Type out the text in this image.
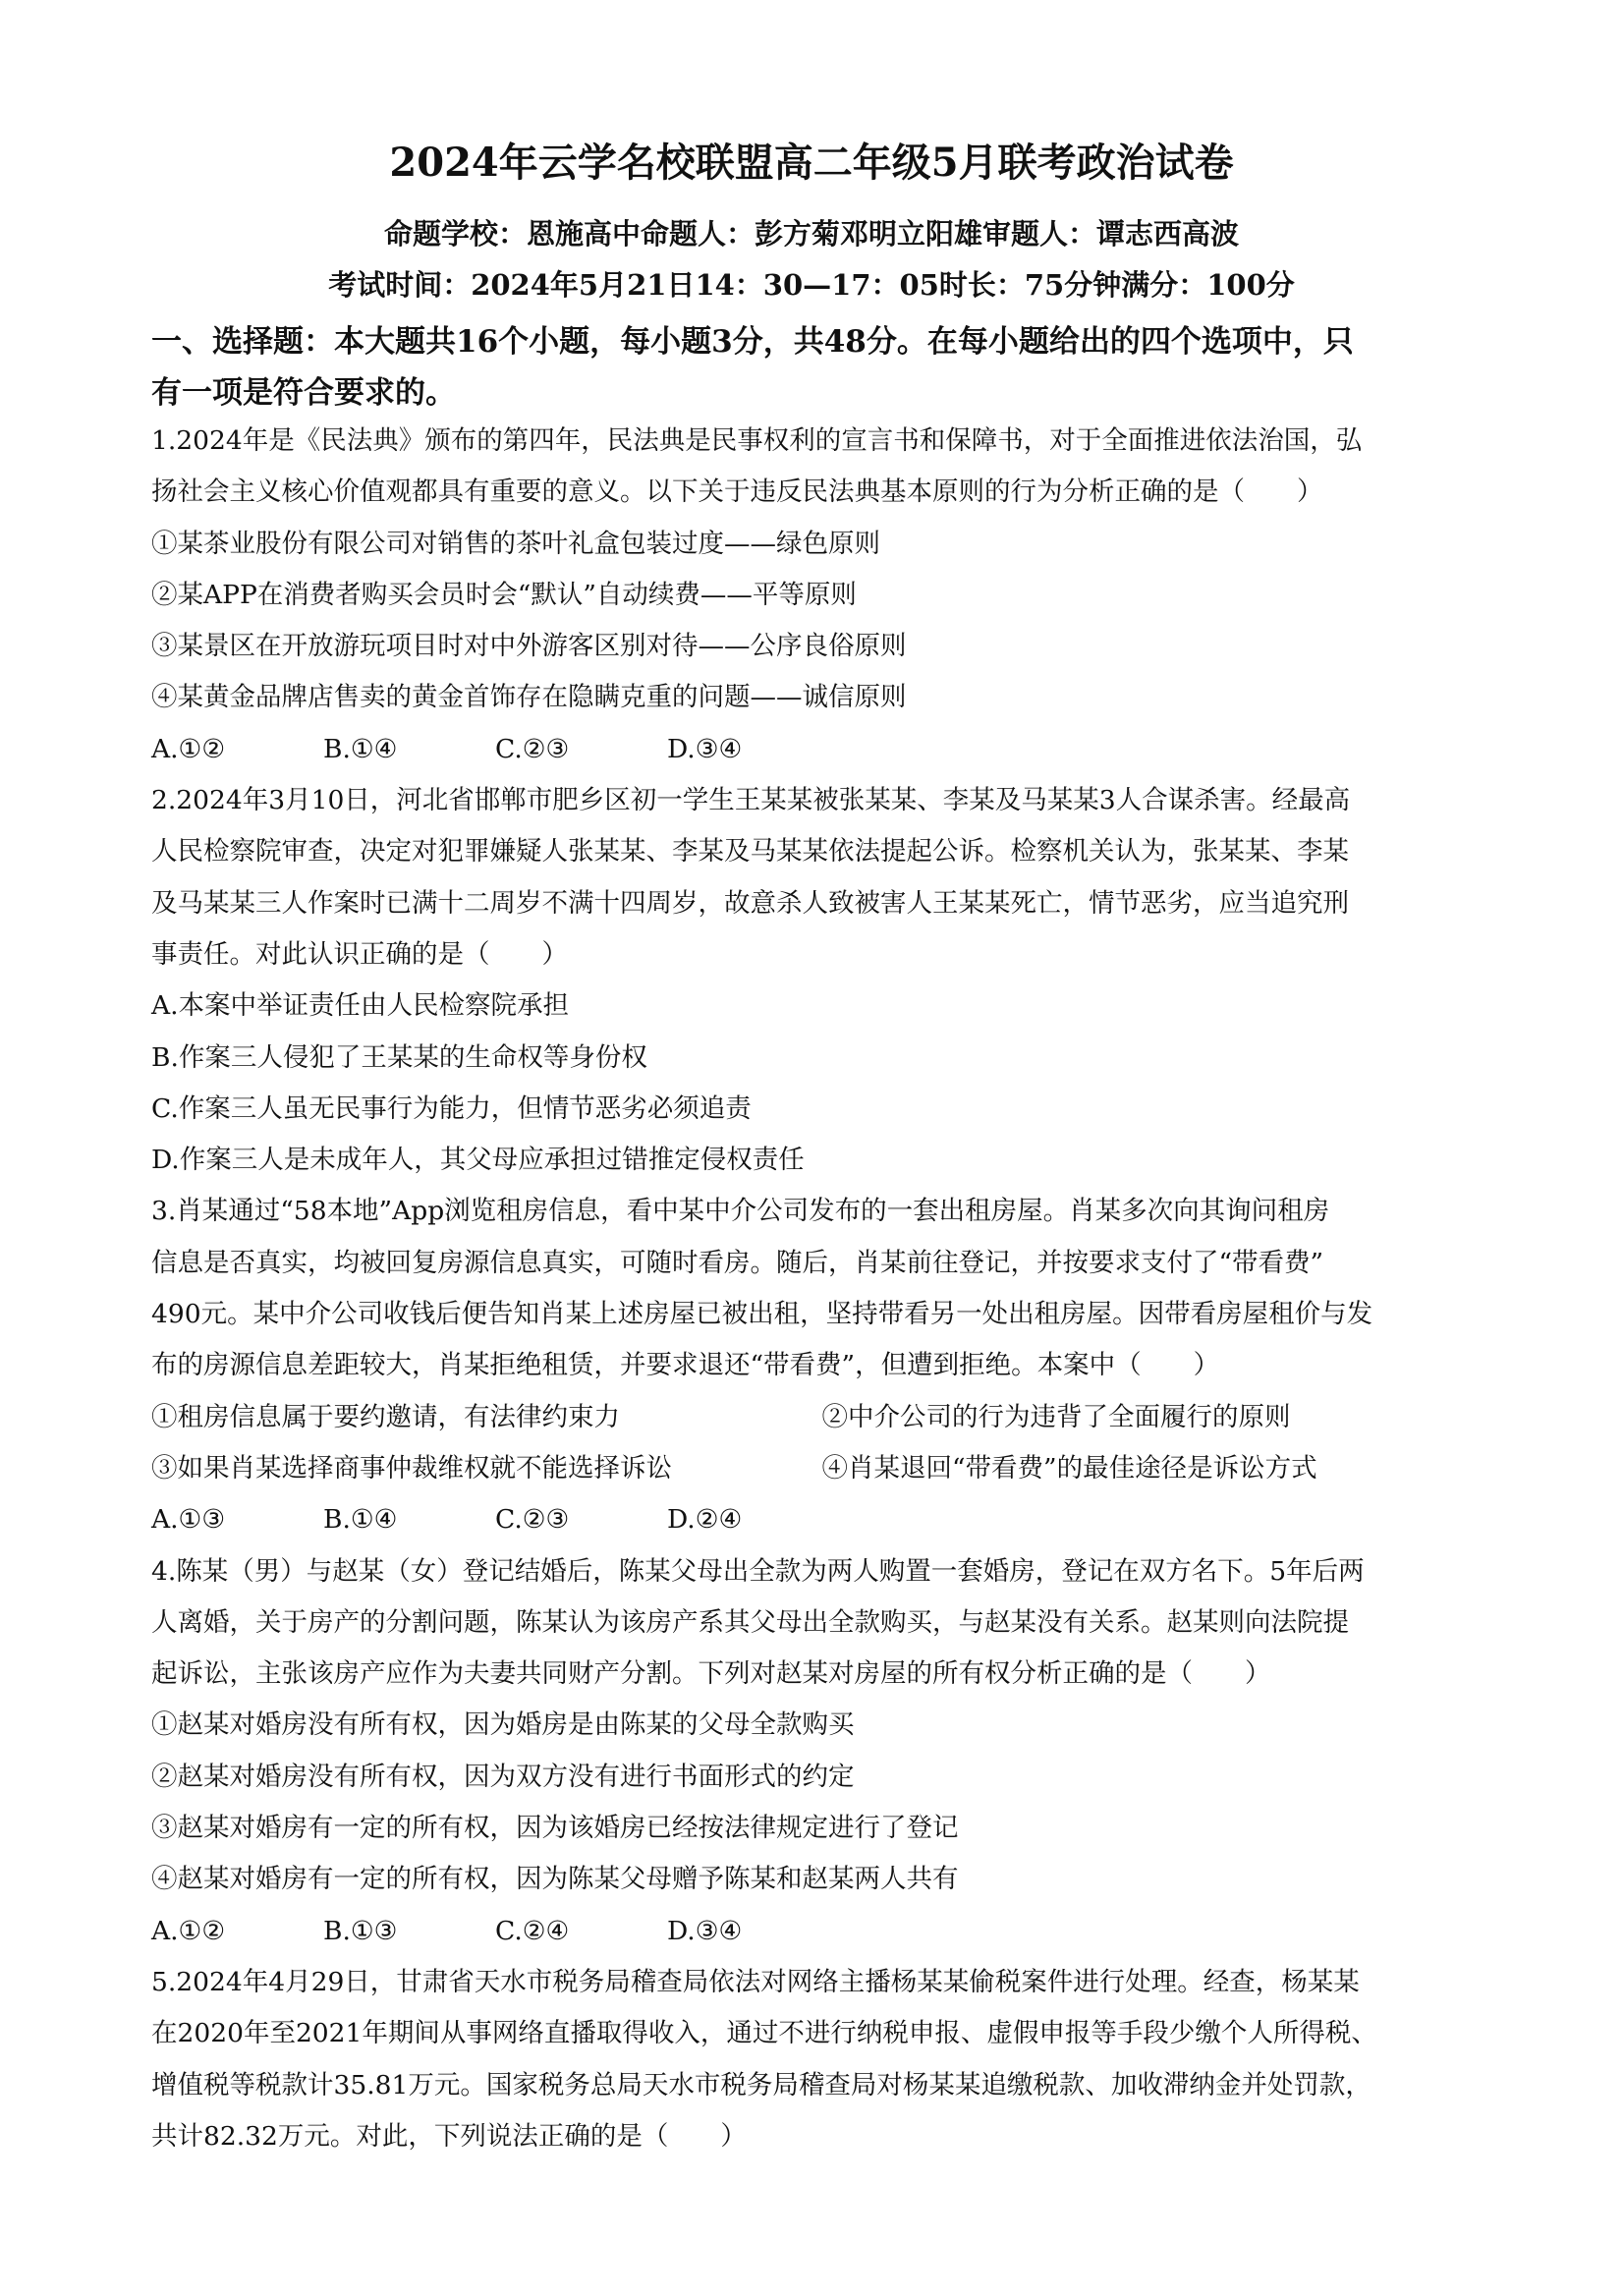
2024年云学名校联盟高二年级5月联考政治试卷
命题学校：恩施高中命题人：彭方菊邓明立阳雄审题人：谭志西高波
考试时间：2024年5月21日14：30—17：05时长：75分钟满分：100分
一、选择题：本大题共16个小题，每小题3分，共48分。在每小题给出的四个选项中，只
有一项是符合要求的。
1.2024年是《民法典》颁布的第四年，民法典是民事权利的宣言书和保障书，对于全面推进依法治国，弘
扬社会主义核心价值观都具有重要的意义。以下关于违反民法典基本原则的行为分析正确的是（　　）
①某茶业股份有限公司对销售的茶叶礼盒包装过度——绿色原则
②某APP在消费者购买会员时会“默认”自动续费——平等原则
③某景区在开放游玩项目时对中外游客区别对待——公序良俗原则
④某黄金品牌店售卖的黄金首饰存在隐瞒克重的问题——诚信原则
A.①②	B.①④	C.②③	D.③④
2.2024年3月10日，河北省邯郸市肥乡区初一学生王某某被张某某、李某及马某某3人合谋杀害。经最高
人民检察院审查，决定对犯罪嫌疑人张某某、李某及马某某依法提起公诉。检察机关认为，张某某、李某
及马某某三人作案时已满十二周岁不满十四周岁，故意杀人致被害人王某某死亡，情节恶劣，应当追究刑
事责任。对此认识正确的是（　　）
A.本案中举证责任由人民检察院承担
B.作案三人侵犯了王某某的生命权等身份权
C.作案三人虽无民事行为能力，但情节恶劣必须追责
D.作案三人是未成年人，其父母应承担过错推定侵权责任
3.肖某通过“58本地”App浏览租房信息，看中某中介公司发布的一套出租房屋。肖某多次向其询问租房
信息是否真实，均被回复房源信息真实，可随时看房。随后，肖某前往登记，并按要求支付了“带看费”
490元。某中介公司收钱后便告知肖某上述房屋已被出租，坚持带看另一处出租房屋。因带看房屋租价与发
布的房源信息差距较大，肖某拒绝租赁，并要求退还“带看费”，但遭到拒绝。本案中（　　）
①租房信息属于要约邀请，有法律约束力	②中介公司的行为违背了全面履行的原则
③如果肖某选择商事仲裁维权就不能选择诉讼	④肖某退回“带看费”的最佳途径是诉讼方式
A.①③	B.①④	C.②③	D.②④
4.陈某（男）与赵某（女）登记结婚后，陈某父母出全款为两人购置一套婚房，登记在双方名下。5年后两
人离婚，关于房产的分割问题，陈某认为该房产系其父母出全款购买，与赵某没有关系。赵某则向法院提
起诉讼，主张该房产应作为夫妻共同财产分割。下列对赵某对房屋的所有权分析正确的是（　　）
①赵某对婚房没有所有权，因为婚房是由陈某的父母全款购买
②赵某对婚房没有所有权，因为双方没有进行书面形式的约定
③赵某对婚房有一定的所有权，因为该婚房已经按法律规定进行了登记
④赵某对婚房有一定的所有权，因为陈某父母赠予陈某和赵某两人共有
A.①②	B.①③	C.②④	D.③④
5.2024年4月29日，甘肃省天水市税务局稽查局依法对网络主播杨某某偷税案件进行处理。经查，杨某某
在2020年至2021年期间从事网络直播取得收入，通过不进行纳税申报、虚假申报等手段少缴个人所得税、
增值税等税款计35.81万元。国家税务总局天水市税务局稽查局对杨某某追缴税款、加收滞纳金并处罚款，
共计82.32万元。对此，下列说法正确的是（　　）
